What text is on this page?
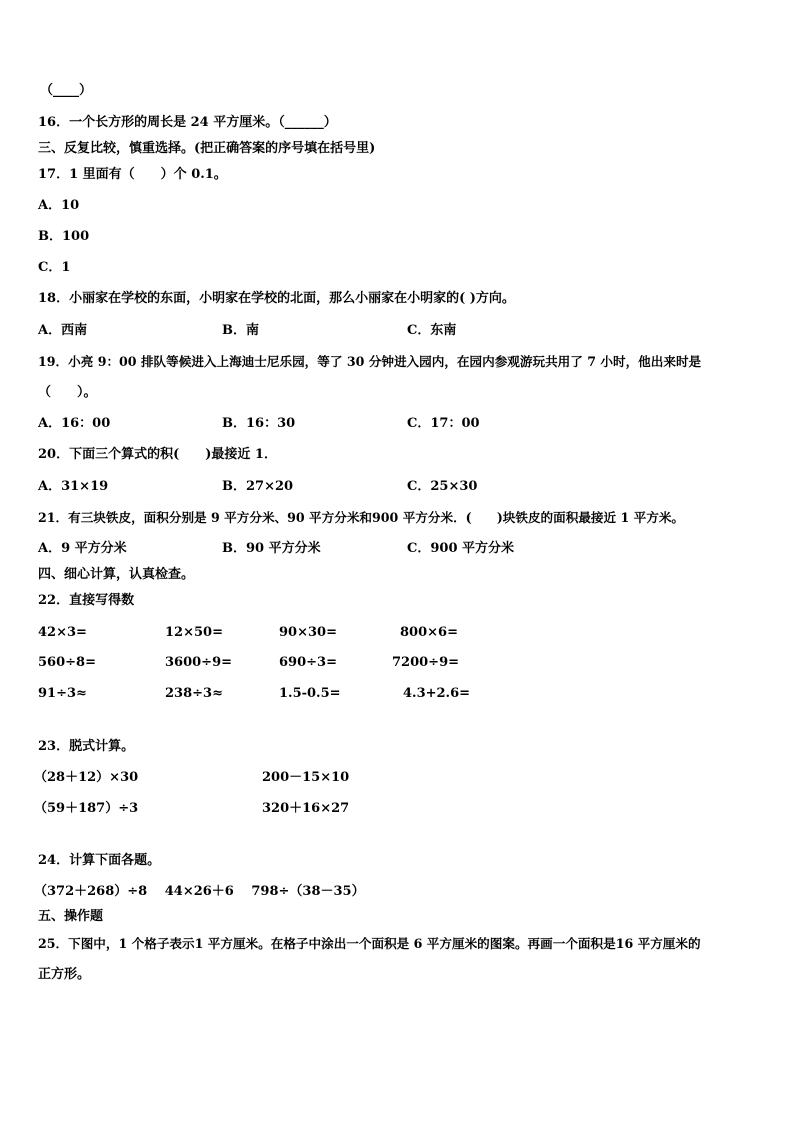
（____）
16．一个长方形的周长是 24 平方厘米。（______）
三、反复比较，慎重选择。(把正确答案的序号填在括号里)
17．1 里面有（　　）个 0.1。
A．10
B．100
C．1
18．小丽家在学校的东面，小明家在学校的北面，那么小丽家在小明家的( )方向。
A．西南	B．南	C．东南
19．小亮 9：00 排队等候进入上海迪士尼乐园，等了 30 分钟进入园内，在园内参观游玩共用了 7 小时，他出来时是
（　　）。
A．16：00	B．16：30	C．17：00
20．下面三个算式的积(　　)最接近 1．
A．31×19	B．27×20	C．25×30
21．有三块铁皮，面积分别是 9 平方分米、90 平方分米和900 平方分米．(　　)块铁皮的面积最接近 1 平方米。
A．9 平方分米	B．90 平方分米	C．900 平方分米
四、细心计算，认真检查。
22．直接写得数
42×3=	12×50=	90×30=	800×6=
560÷8=	3600÷9=	690÷3=	7200÷9=
91÷3≈	238÷3≈	1.5-0.5=	4.3+2.6=
23．脱式计算。
（28＋12）×30	200－15×10
（59＋187）÷3	320＋16×27
24．计算下面各题。
（372＋268）÷8　 44×26＋6　 798÷（38－35）
五、操作题
25．下图中，1 个格子表示1 平方厘米。在格子中涂出一个面积是 6 平方厘米的图案。再画一个面积是16 平方厘米的
正方形。
